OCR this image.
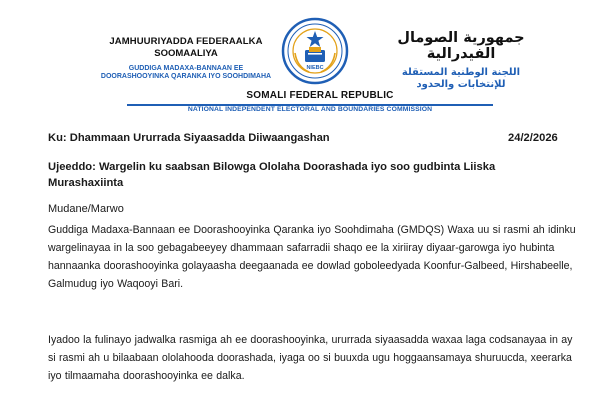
JAMHUURIYADDA FEDERAALKA
SOOMAALIYA
GUDDIGA MADAXA-BANNAAN EE
DOORASHOOYINKA QARANKA IYO SOOHDIMAHA
NIEBC
جمهورية الصومال الفيدرالية
اللجنة الوطنية المستقلة
للإنتخابات والحدود
SOMALI FEDERAL REPUBLIC
NATIONAL INDEPENDENT ELECTORAL AND BOUNDARIES COMMISSION
Ku: Dhammaan Ururrada Siyaasadda Diiwaangashan	24/2/2026
Ujeeddo: Wargelin ku saabsan Bilowga Ololaha Doorashada iyo soo gudbinta Liiska Murashaxiinta
Mudane/Marwo
Guddiga Madaxa-Bannaan ee Doorashooyinka Qaranka iyo Soohdimaha (GMDQS) Waxa uu si rasmi ah idinku wargelinayaa in la soo gebagabeeyey dhammaan safarradii shaqo ee la xiriiray diyaar-garowga iyo hubinta hannaanka doorashooyinka golayaasha deegaanada ee dowlad goboleedyada Koonfur-Galbeed, Hirshabeelle, Galmudug iyo Waqooyi Bari.
Iyadoo la fulinayo jadwalka rasmiga ah ee doorashooyinka, ururrada siyaasadda waxaa laga codsanayaa in ay si rasmi ah u bilaabaan ololahooda doorashada, iyaga oo si buuxda ugu hoggaansamaya shuruucda, xeerarka iyo tilmaamaha doorashooyinka ee dalka.
